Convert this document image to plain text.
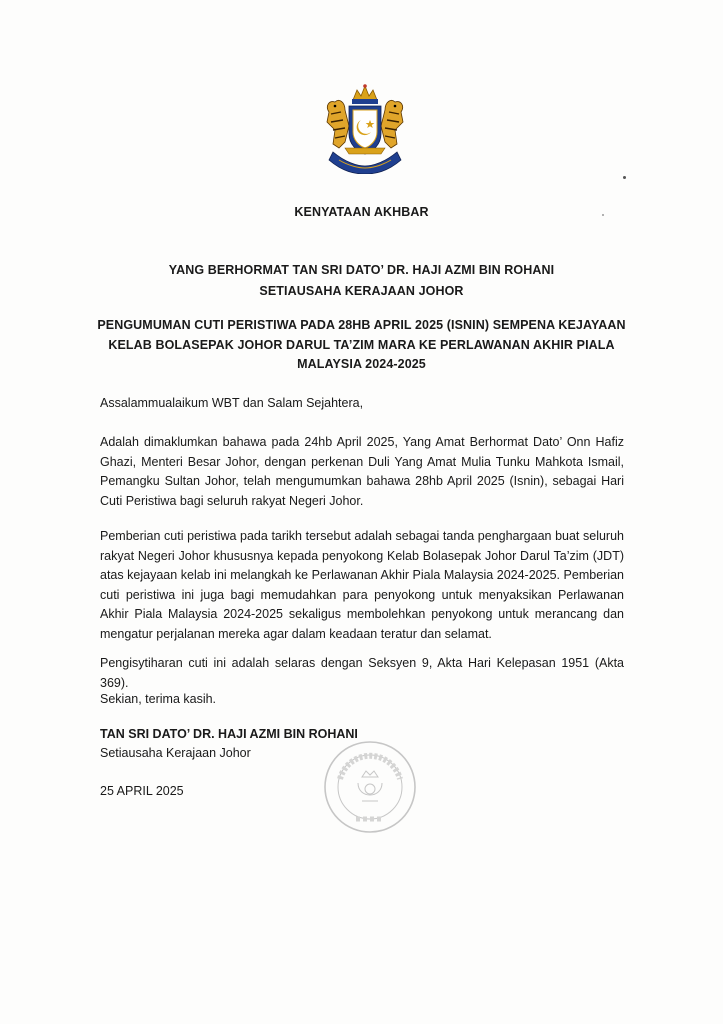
KENYATAAN AKHBAR
YANG BERHORMAT TAN SRI DATO’ DR. HAJI AZMI BIN ROHANI
SETIAUSAHA KERAJAAN JOHOR
PENGUMUMAN CUTI PERISTIWA PADA 28HB APRIL 2025 (ISNIN) SEMPENA KEJAYAAN
KELAB BOLASEPAK JOHOR DARUL TA’ZIM MARA KE PERLAWANAN AKHIR PIALA
MALAYSIA 2024-2025
Assalammualaikum WBT dan Salam Sejahtera,
Adalah dimaklumkan bahawa pada 24hb April 2025, Yang Amat Berhormat Dato’ Onn Hafiz Ghazi, Menteri Besar Johor, dengan perkenan Duli Yang Amat Mulia Tunku Mahkota Ismail, Pemangku Sultan Johor, telah mengumumkan bahawa 28hb April 2025 (Isnin), sebagai Hari Cuti Peristiwa bagi seluruh rakyat Negeri Johor.
Pemberian cuti peristiwa pada tarikh tersebut adalah sebagai tanda penghargaan buat seluruh rakyat Negeri Johor khususnya kepada penyokong Kelab Bolasepak Johor Darul Ta’zim (JDT) atas kejayaan kelab ini melangkah ke Perlawanan Akhir Piala Malaysia 2024-2025. Pemberian cuti peristiwa ini juga bagi memudahkan para penyokong untuk menyaksikan Perlawanan Akhir Piala Malaysia 2024-2025 sekaligus membolehkan penyokong untuk merancang dan mengatur perjalanan mereka agar dalam keadaan teratur dan selamat.
Pengisytiharan cuti ini adalah selaras dengan Seksyen 9, Akta Hari Kelepasan 1951 (Akta 369).
Sekian, terima kasih.
TAN SRI DATO’ DR. HAJI AZMI BIN ROHANI
Setiausaha Kerajaan Johor
25 APRIL 2025
